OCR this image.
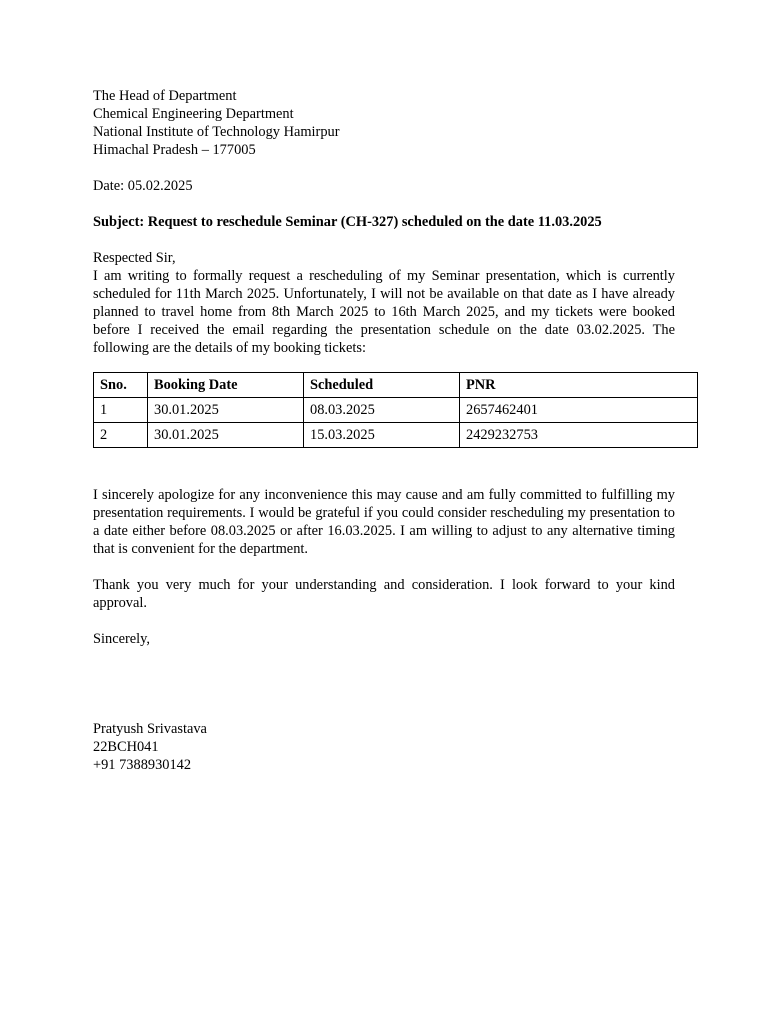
The Head of Department
Chemical Engineering Department
National Institute of Technology Hamirpur
Himachal Pradesh – 177005
Date: 05.02.2025
Subject: Request to reschedule Seminar (CH-327) scheduled on the date 11.03.2025
Respected Sir,
I am writing to formally request a rescheduling of my Seminar presentation, which is currently scheduled for 11th March 2025. Unfortunately, I will not be available on that date as I have already planned to travel home from 8th March 2025 to 16th March 2025, and my tickets were booked before I received the email regarding the presentation schedule on the date 03.02.2025. The following are the details of my booking tickets:
Sno.	Booking Date	Scheduled	PNR
1	30.01.2025	08.03.2025	2657462401
2	30.01.2025	15.03.2025	2429232753
I sincerely apologize for any inconvenience this may cause and am fully committed to fulfilling my presentation requirements. I would be grateful if you could consider rescheduling my presentation to a date either before 08.03.2025 or after 16.03.2025. I am willing to adjust to any alternative timing that is convenient for the department.
Thank you very much for your understanding and consideration. I look forward to your kind approval.
Sincerely,
Pratyush Srivastava
22BCH041
+91 7388930142
